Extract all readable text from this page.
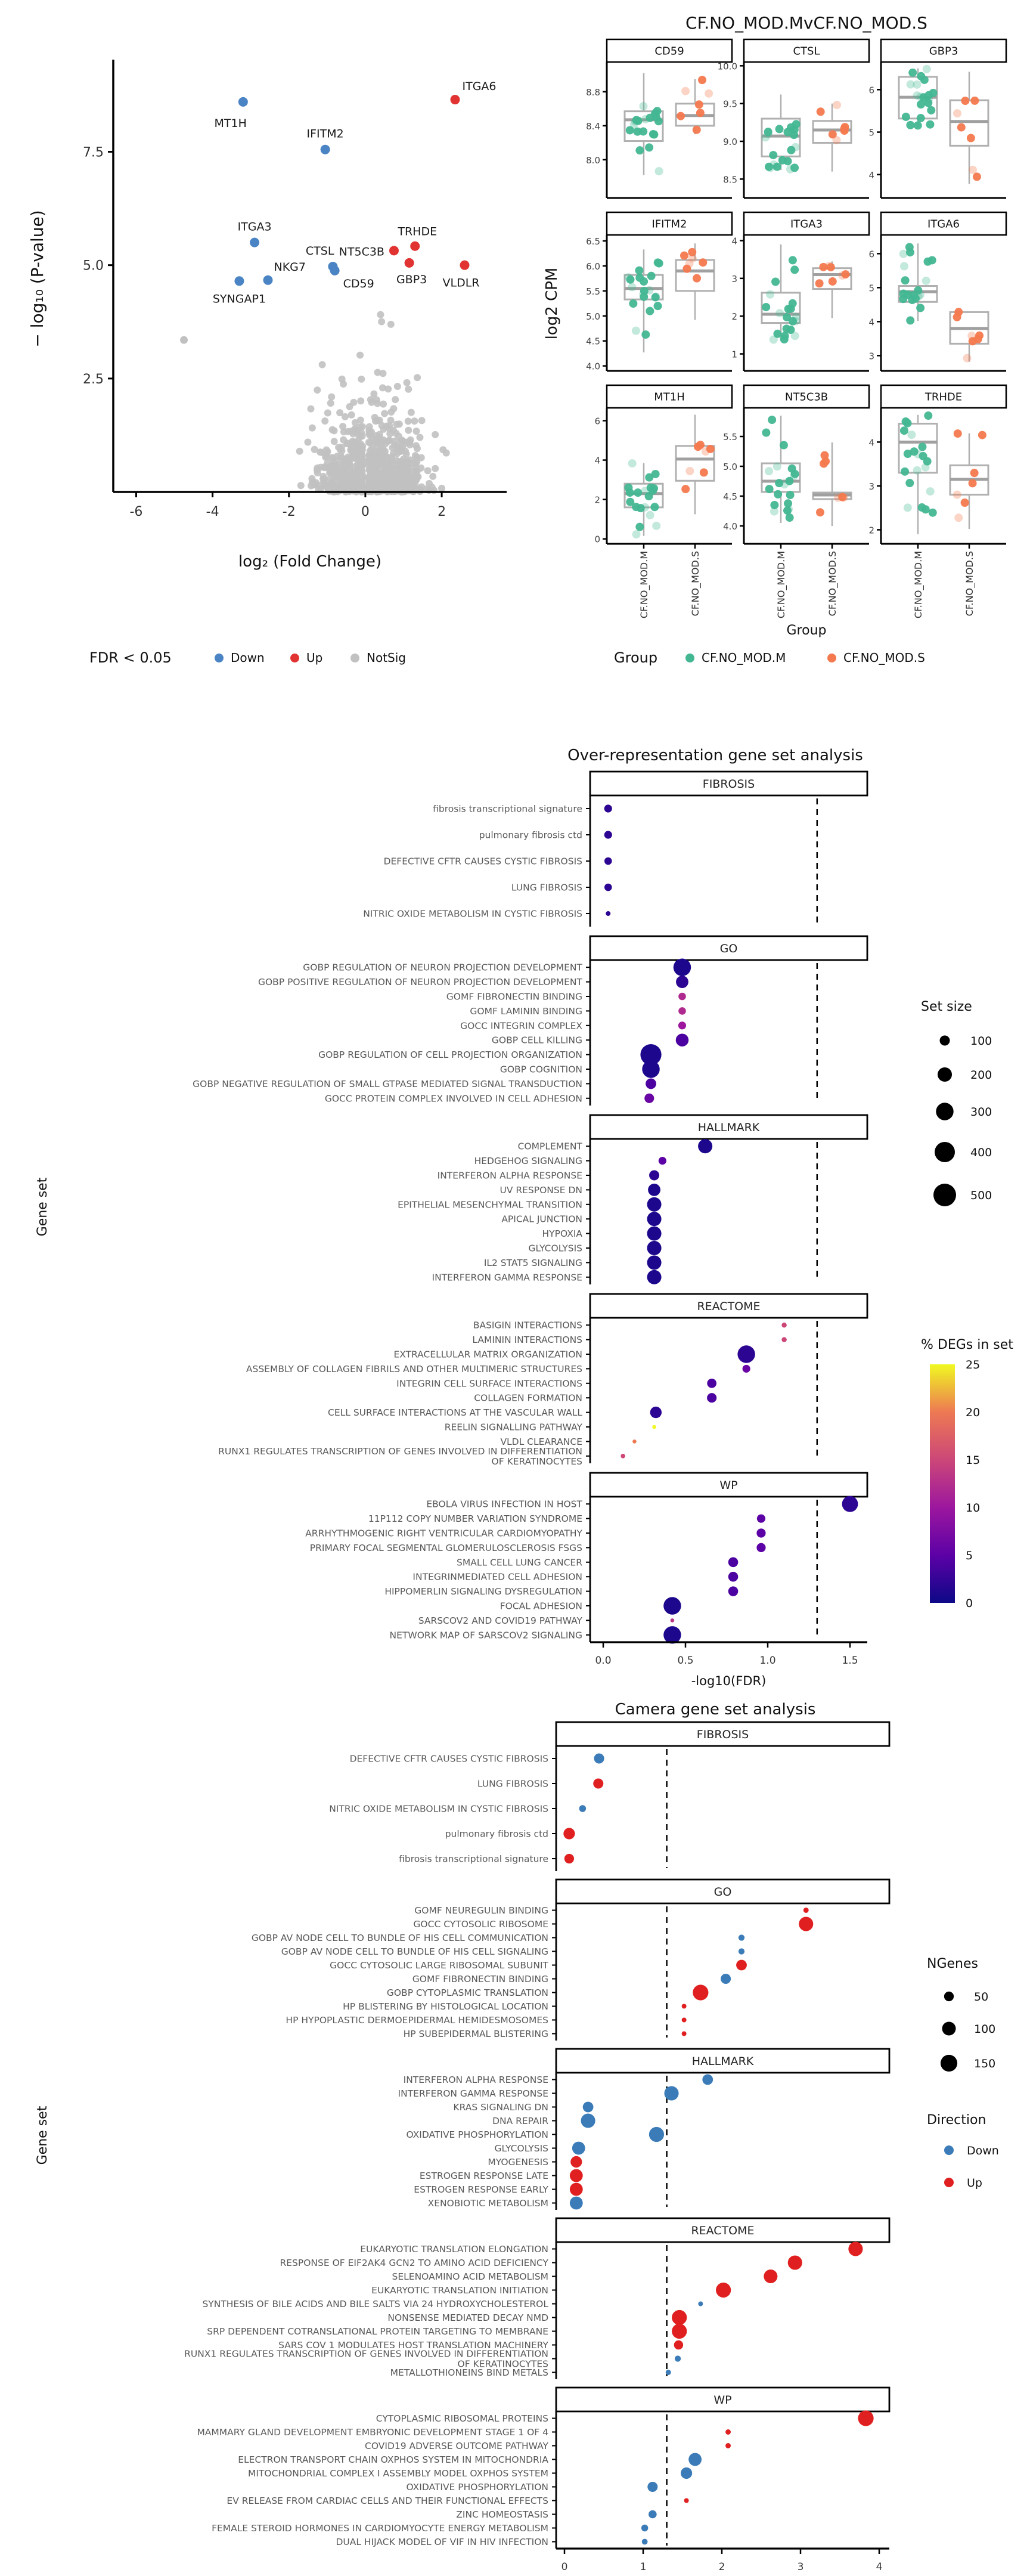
MT1H
IFITM2
ITGA3
NKG7
SYNGAP1
CTSL
CD59
ITGA6
TRHDE
NT5C3B
GBP3 VLDLR
2.5
5.0
7.5
-6	-4	-2	0	2
log₂ (Fold Change)
− log₁₀ (P-value)
CF.NO_MOD.MvCF.NO_MOD.S
CD59
8.0
8.4
8.8
CTSL
8.5
9.0
9.5
10.0
GBP3
4
5
6
IFITM2
4.0
4.5
5.0
5.5
6.0
6.5
ITGA3
1
2
3
4
ITGA6
3
4
5
6
MT1H
0
2
4
6
CF.NO_MOD.M	CF.NO_MOD.S
NT5C3B
4.0
4.5
5.0
5.5
CF.NO_MOD.M	CF.NO_MOD.S
TRHDE
2
3
4
CF.NO_MOD.M	CF.NO_MOD.S
Group
log2 CPM
FDR < 0.05	Down	Up	NotSig	Group	CF.NO_MOD.M	CF.NO_MOD.S
Over-representation gene set analysis
FIBROSIS
fibrosis transcriptional signature
pulmonary fibrosis ctd
DEFECTIVE CFTR CAUSES CYSTIC FIBROSIS
LUNG FIBROSIS
NITRIC OXIDE METABOLISM IN CYSTIC FIBROSIS
GO
GOBP REGULATION OF NEURON PROJECTION DEVELOPMENT
GOBP POSITIVE REGULATION OF NEURON PROJECTION DEVELOPMENT
GOMF FIBRONECTIN BINDING
GOMF LAMININ BINDING
GOCC INTEGRIN COMPLEX
GOBP CELL KILLING
GOBP REGULATION OF CELL PROJECTION ORGANIZATION
GOBP COGNITION
GOBP NEGATIVE REGULATION OF SMALL GTPASE MEDIATED SIGNAL TRANSDUCTION
GOCC PROTEIN COMPLEX INVOLVED IN CELL ADHESION
HALLMARK
COMPLEMENT
HEDGEHOG SIGNALING
INTERFERON ALPHA RESPONSE
UV RESPONSE DN
EPITHELIAL MESENCHYMAL TRANSITION
APICAL JUNCTION
HYPOXIA
GLYCOLYSIS
IL2 STAT5 SIGNALING
INTERFERON GAMMA RESPONSE
REACTOME
BASIGIN INTERACTIONS
LAMININ INTERACTIONS
EXTRACELLULAR MATRIX ORGANIZATION
ASSEMBLY OF COLLAGEN FIBRILS AND OTHER MULTIMERIC STRUCTURES
INTEGRIN CELL SURFACE INTERACTIONS
COLLAGEN FORMATION
CELL SURFACE INTERACTIONS AT THE VASCULAR WALL
REELIN SIGNALLING PATHWAY
VLDL CLEARANCE
RUNX1 REGULATES TRANSCRIPTION OF GENES INVOLVED IN DIFFERENTIATION
OF KERATINOCYTES
WP
EBOLA VIRUS INFECTION IN HOST
11P112 COPY NUMBER VARIATION SYNDROME
ARRHYTHMOGENIC RIGHT VENTRICULAR CARDIOMYOPATHY
PRIMARY FOCAL SEGMENTAL GLOMERULOSCLEROSIS FSGS
SMALL CELL LUNG CANCER
INTEGRINMEDIATED CELL ADHESION
HIPPOMERLIN SIGNALING DYSREGULATION
FOCAL ADHESION
SARSCOV2 AND COVID19 PATHWAY
NETWORK MAP OF SARSCOV2 SIGNALING
0.0	0.5	1.0	1.5
-log10(FDR)
Gene set
Set size
100
200
300
400
500
% DEGs in set
0
5
10
15
20
25
Camera gene set analysis
FIBROSIS
DEFECTIVE CFTR CAUSES CYSTIC FIBROSIS
LUNG FIBROSIS
NITRIC OXIDE METABOLISM IN CYSTIC FIBROSIS
pulmonary fibrosis ctd
fibrosis transcriptional signature
GO
GOMF NEUREGULIN BINDING
GOCC CYTOSOLIC RIBOSOME
GOBP AV NODE CELL TO BUNDLE OF HIS CELL COMMUNICATION
GOBP AV NODE CELL TO BUNDLE OF HIS CELL SIGNALING
GOCC CYTOSOLIC LARGE RIBOSOMAL SUBUNIT
GOMF FIBRONECTIN BINDING
GOBP CYTOPLASMIC TRANSLATION
HP BLISTERING BY HISTOLOGICAL LOCATION
HP HYPOPLASTIC DERMOEPIDERMAL HEMIDESMOSOMES
HP SUBEPIDERMAL BLISTERING
HALLMARK
INTERFERON ALPHA RESPONSE
INTERFERON GAMMA RESPONSE
KRAS SIGNALING DN
DNA REPAIR
OXIDATIVE PHOSPHORYLATION
GLYCOLYSIS
MYOGENESIS
ESTROGEN RESPONSE LATE
ESTROGEN RESPONSE EARLY
XENOBIOTIC METABOLISM
REACTOME
EUKARYOTIC TRANSLATION ELONGATION
RESPONSE OF EIF2AK4 GCN2 TO AMINO ACID DEFICIENCY
SELENOAMINO ACID METABOLISM
EUKARYOTIC TRANSLATION INITIATION
SYNTHESIS OF BILE ACIDS AND BILE SALTS VIA 24 HYDROXYCHOLESTEROL
NONSENSE MEDIATED DECAY NMD
SRP DEPENDENT COTRANSLATIONAL PROTEIN TARGETING TO MEMBRANE
SARS COV 1 MODULATES HOST TRANSLATION MACHINERY
RUNX1 REGULATES TRANSCRIPTION OF GENES INVOLVED IN DIFFERENTIATION
OF KERATINOCYTES
METALLOTHIONEINS BIND METALS
WP
CYTOPLASMIC RIBOSOMAL PROTEINS
MAMMARY GLAND DEVELOPMENT EMBRYONIC DEVELOPMENT STAGE 1 OF 4
COVID19 ADVERSE OUTCOME PATHWAY
ELECTRON TRANSPORT CHAIN OXPHOS SYSTEM IN MITOCHONDRIA
MITOCHONDRIAL COMPLEX I ASSEMBLY MODEL OXPHOS SYSTEM
OXIDATIVE PHOSPHORYLATION
EV RELEASE FROM CARDIAC CELLS AND THEIR FUNCTIONAL EFFECTS
ZINC HOMEOSTASIS
FEMALE STEROID HORMONES IN CARDIOMYOCYTE ENERGY METABOLISM
DUAL HIJACK MODEL OF VIF IN HIV INFECTION
0	1	2	3	4
Gene set
NGenes
50
100
150
Direction
Down
Up
